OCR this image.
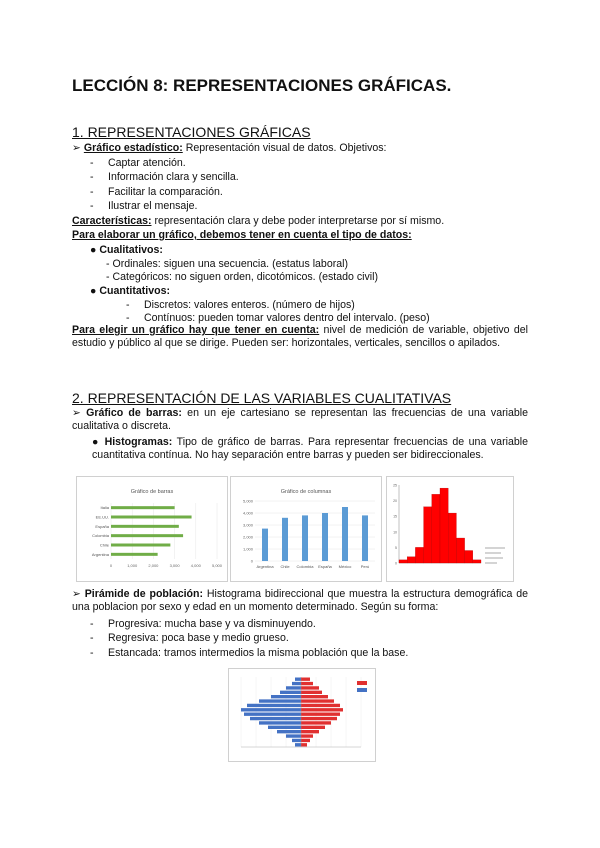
LECCIÓN 8: REPRESENTACIONES GRÁFICAS.
1. REPRESENTACIONES GRÁFICAS
➢ Gráfico estadístico: Representación visual de datos. Objetivos:
- Captar atención.
- Información clara y sencilla.
- Facilitar la comparación.
- Ilustrar el mensaje.
Características: representación clara y debe poder interpretarse por sí mismo.
Para elaborar un gráfico, debemos tener en cuenta el tipo de datos:
● Cualitativos:
- Ordinales: siguen una secuencia. (estatus laboral)
- Categóricos: no siguen orden, dicotómicos. (estado civil)
● Cuantitativos:
- Discretos: valores enteros. (número de hijos)
- Contínuos: pueden tomar valores dentro del intervalo. (peso)
Para elegir un gráfico hay que tener en cuenta: nivel de medición de variable, objetivo del estudio y público al que se dirige. Pueden ser: horizontales, verticales, sencillos o apilados.
2. REPRESENTACIÓN DE LAS VARIABLES CUALITATIVAS
➢ Gráfico de barras: en un eje cartesiano se representan las frecuencias de una variable cualitativa o discreta.
● Histogramas: Tipo de gráfico de barras. Para representar frecuencias de una variable cuantitativa contínua. No hay separación entre barras y pueden ser bidireccionales.
Gráfico de barras
Italia
EE.UU.
España
Colombia
Chile
Argentina
0	1,000	2,000	3,000	4,000	5,000
Gráfico de columnas
Argentina Chile Colombia España México Perú
0
1,000
2,000
3,000
4,000
5,000
0
5
10
15
20
25
➢ Pirámide de población: Histograma bidireccional que muestra la estructura demográfica de una poblacion por sexo y edad en un momento determinado. Según su forma:
- Progresiva: mucha base y va disminuyendo.
- Regresiva: poca base y medio grueso.
- Estancada: tramos intermedios la misma población que la base.
